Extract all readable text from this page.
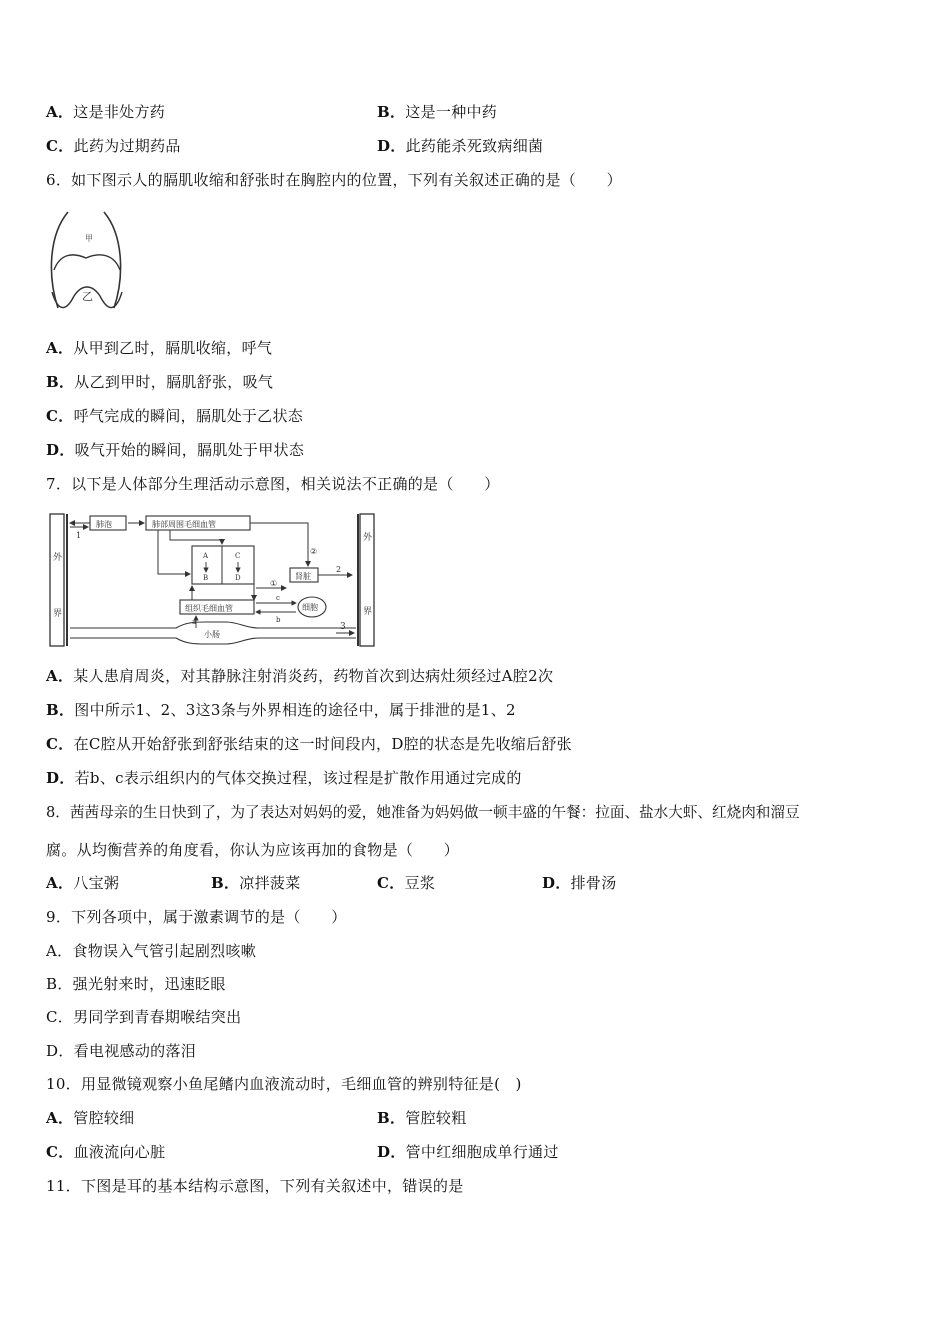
A．这是非处方药	B．这是一种中药
C．此药为过期药品	D．此药能杀死致病细菌
6．如下图示人的膈肌收缩和舒张时在胸腔内的位置，下列有关叙述正确的是（　　）
甲
乙
A．从甲到乙时，膈肌收缩，呼气
B．从乙到甲时，膈肌舒张，吸气
C．呼气完成的瞬间，膈肌处于乙状态
D．吸气开始的瞬间，膈肌处于甲状态
7．以下是人体部分生理活动示意图，相关说法不正确的是（　　）
外
界
外
界
肺泡
1
肺部周围毛细血管
A
B
C
D
②
肾脏
2
①
组织毛细血管	细胞
c
b
a
小肠
3
A．某人患肩周炎，对其静脉注射消炎药，药物首次到达病灶须经过A腔2次
B．图中所示1、2、3这3条与外界相连的途径中，属于排泄的是1、2
C．在C腔从开始舒张到舒张结束的这一时间段内，D腔的状态是先收缩后舒张
D．若b、c表示组织内的气体交换过程，该过程是扩散作用通过完成的
8．茜茜母亲的生日快到了，为了表达对妈妈的爱，她准备为妈妈做一顿丰盛的午餐：拉面、盐水大虾、红烧肉和溜豆
腐。从均衡营养的角度看，你认为应该再加的食物是（　　）
A．八宝粥	B．凉拌菠菜	C．豆浆	D．排骨汤
9．下列各项中，属于激素调节的是（　　）
A．食物误入气管引起剧烈咳嗽
B．强光射来时，迅速眨眼
C．男同学到青春期喉结突出
D．看电视感动的落泪
10．用显微镜观察小鱼尾鳍内血液流动时，毛细血管的辨别特征是(　)
A．管腔较细	B．管腔较粗
C．血液流向心脏	D．管中红细胞成单行通过
11．下图是耳的基本结构示意图，下列有关叙述中，错误的是
